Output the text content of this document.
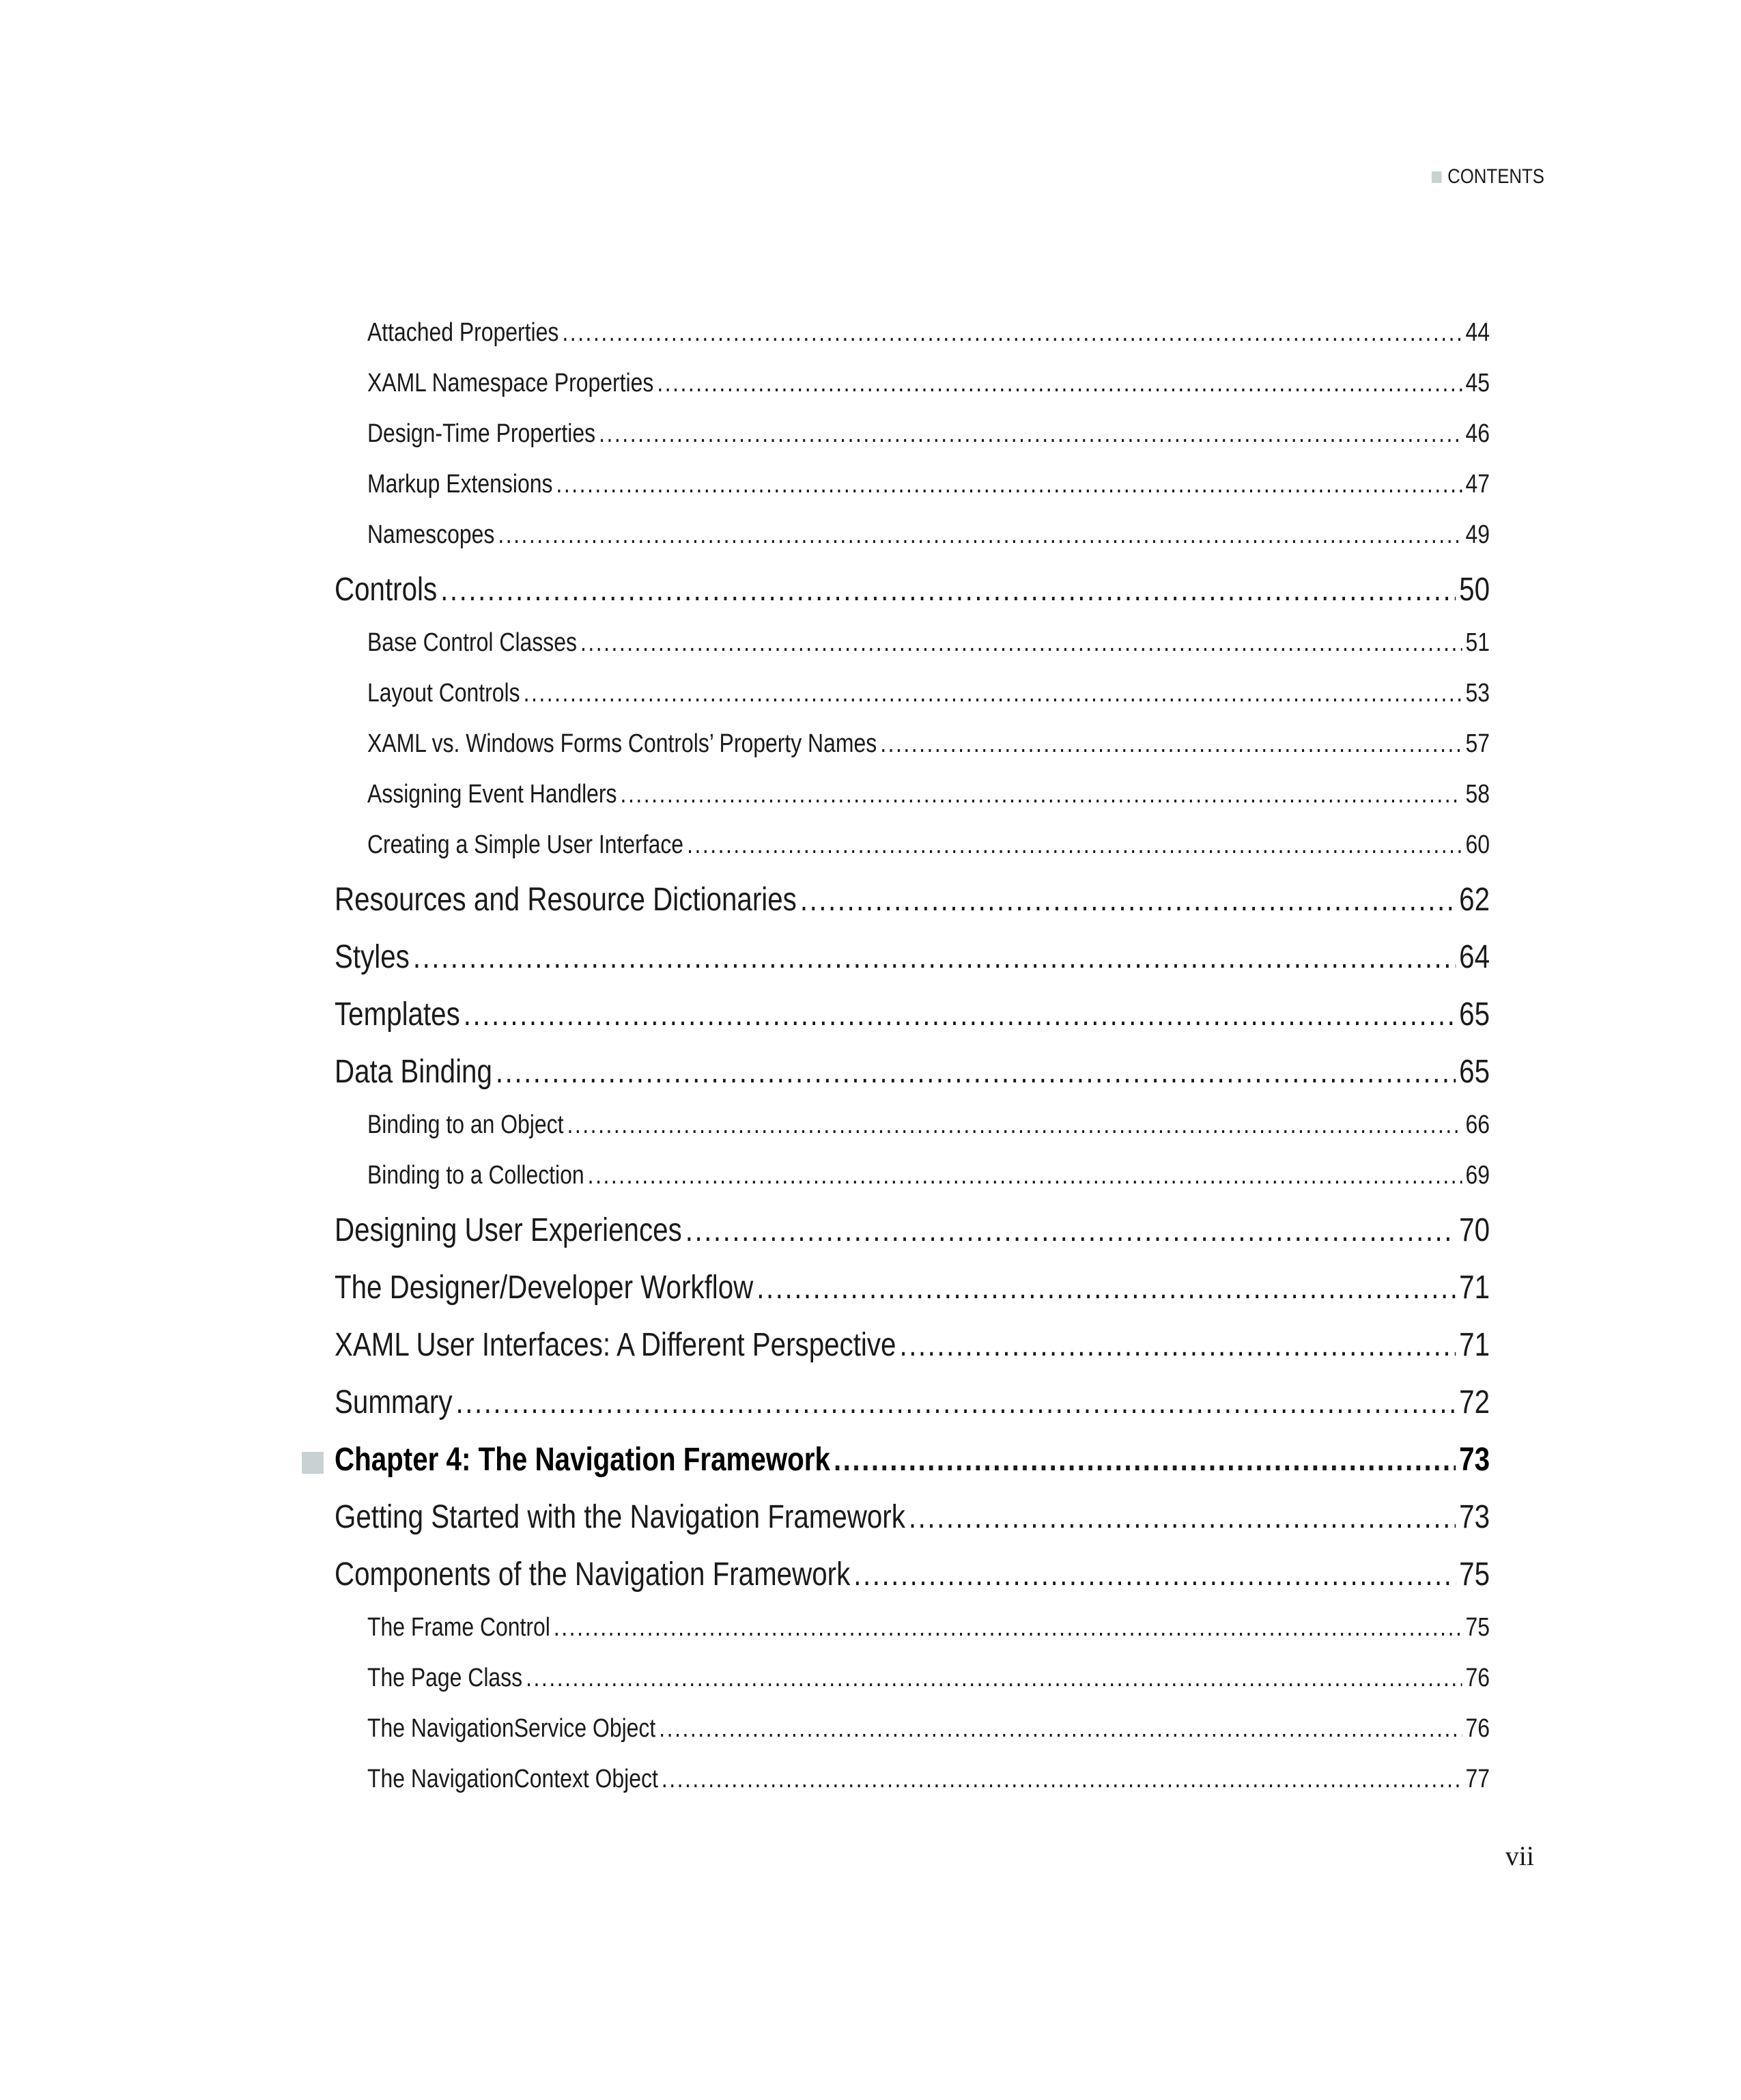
CONTENTS
Attached Properties .....	44
XAML Namespace Properties .....	45
Design-Time Properties .....	46
Markup Extensions .....	47
Namescopes .....	49
Controls .....	50
Base Control Classes .....	51
Layout Controls .....	53
XAML vs. Windows Forms Controls’ Property Names .....	57
Assigning Event Handlers .....	58
Creating a Simple User Interface .....	60
Resources and Resource Dictionaries .....	62
Styles .....	64
Templates .....	65
Data Binding .....	65
Binding to an Object .....	66
Binding to a Collection .....	69
Designing User Experiences .....	70
The Designer/Developer Workflow .....	71
XAML User Interfaces: A Different Perspective .....	71
Summary .....	72
Chapter 4: The Navigation Framework .....	73
Getting Started with the Navigation Framework .....	73
Components of the Navigation Framework .....	75
The Frame Control .....	75
The Page Class .....	76
The NavigationService Object .....	76
The NavigationContext Object .....	77
vii
